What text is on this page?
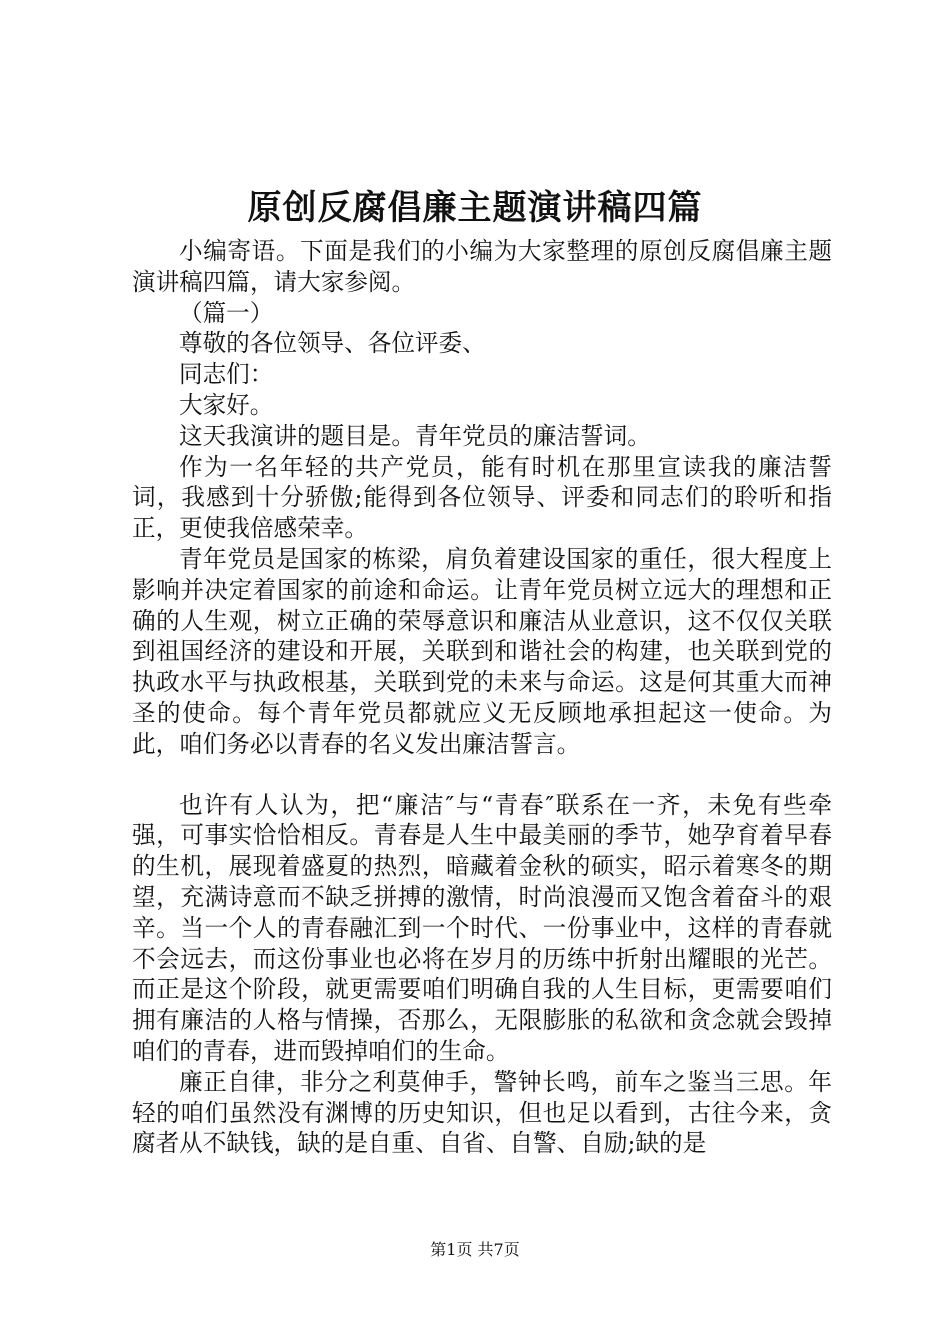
原创反腐倡廉主题演讲稿四篇

小编寄语。下面是我们的小编为大家整理的原创反腐倡廉主题演讲稿四篇，请大家参阅。

（篇一）

尊敬的各位领导、各位评委、

同志们：

大家好。

这天我演讲的题目是。青年党员的廉洁誓词。

作为一名年轻的共产党员，能有时机在那里宣读我的廉洁誓词，我感到十分骄傲;能得到各位领导、评委和同志们的聆听和指正，更使我倍感荣幸。

青年党员是国家的栋梁，肩负着建设国家的重任，很大程度上影响并决定着国家的前途和命运。让青年党员树立远大的理想和正确的人生观，树立正确的荣辱意识和廉洁从业意识，这不仅仅关联到祖国经济的建设和开展，关联到和谐社会的构建，也关联到党的执政水平与执政根基，关联到党的未来与命运。这是何其重大而神圣的使命。每个青年党员都就应义无反顾地承担起这一使命。为此，咱们务必以青春的名义发出廉洁誓言。

也许有人认为，把“廉洁″与“青春″联系在一齐，未免有些牵强，可事实恰恰相反。青春是人生中最美丽的季节，她孕育着早春的生机，展现着盛夏的热烈，暗藏着金秋的硕实，昭示着寒冬的期望，充满诗意而不缺乏拼搏的激情，时尚浪漫而又饱含着奋斗的艰辛。当一个人的青春融汇到一个时代、一份事业中，这样的青春就不会远去，而这份事业也必将在岁月的历练中折射出耀眼的光芒。而正是这个阶段，就更需要咱们明确自我的人生目标，更需要咱们拥有廉洁的人格与情操，否那么，无限膨胀的私欲和贪念就会毁掉咱们的青春，进而毁掉咱们的生命。

廉正自律，非分之利莫伸手，警钟长鸣，前车之鉴当三思。年轻的咱们虽然没有渊博的历史知识，但也足以看到，古往今来，贪腐者从不缺钱，缺的是自重、自省、自警、自励;缺的是

第1页 共7页
